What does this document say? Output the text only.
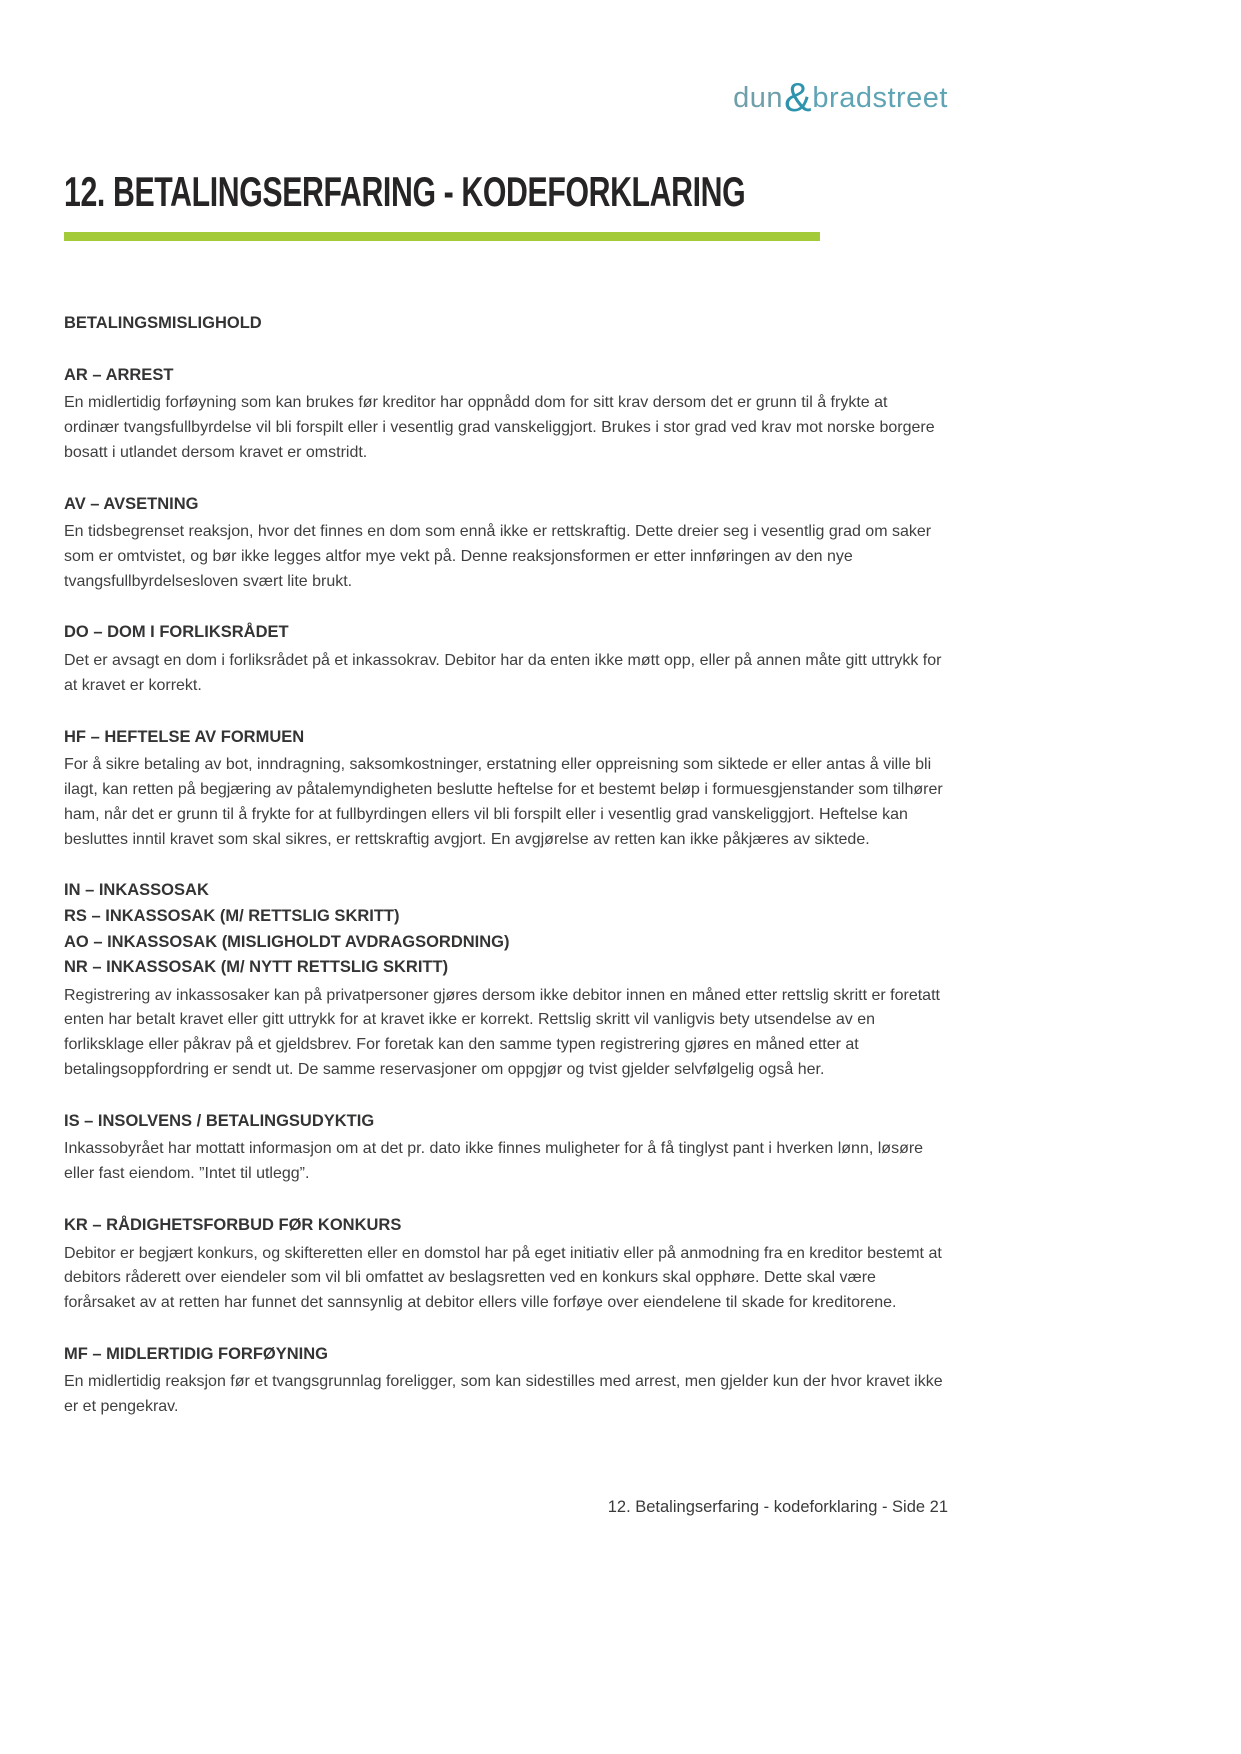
dun&bradstreet
12. BETALINGSERFARING - KODEFORKLARING
BETALINGSMISLIGHOLD
AR – ARREST

En midlertidig forføyning som kan brukes før kreditor har oppnådd dom for sitt krav dersom det er grunn til å frykte at ordinær tvangsfullbyrdelse vil bli forspilt eller i vesentlig grad vanskeliggjort. Brukes i stor grad ved krav mot norske borgere bosatt i utlandet dersom kravet er omstridt.

AV – AVSETNING

En tidsbegrenset reaksjon, hvor det finnes en dom som ennå ikke er rettskraftig. Dette dreier seg i vesentlig grad om saker som er omtvistet, og bør ikke legges altfor mye vekt på. Denne reaksjonsformen er etter innføringen av den nye tvangsfullbyrdelsesloven svært lite brukt.

DO – DOM I FORLIKSRÅDET

Det er avsagt en dom i forliksrådet på et inkassokrav. Debitor har da enten ikke møtt opp, eller på annen måte gitt uttrykk for at kravet er korrekt.

HF – HEFTELSE AV FORMUEN

For å sikre betaling av bot, inndragning, saksomkostninger, erstatning eller oppreisning som siktede er eller antas å ville bli ilagt, kan retten på begjæring av påtalemyndigheten beslutte heftelse for et bestemt beløp i formuesgjenstander som tilhører ham, når det er grunn til å frykte for at fullbyrdingen ellers vil bli forspilt eller i vesentlig grad vanskeliggjort. Heftelse kan besluttes inntil kravet som skal sikres, er rettskraftig avgjort. En avgjørelse av retten kan ikke påkjæres av siktede.

IN – INKASSOSAK
RS – INKASSOSAK (M/ RETTSLIG SKRITT)
AO – INKASSOSAK (MISLIGHOLDT AVDRAGSORDNING)
NR – INKASSOSAK (M/ NYTT RETTSLIG SKRITT)

Registrering av inkassosaker kan på privatpersoner gjøres dersom ikke debitor innen en måned etter rettslig skritt er foretatt enten har betalt kravet eller gitt uttrykk for at kravet ikke er korrekt. Rettslig skritt vil vanligvis bety utsendelse av en forliksklage eller påkrav på et gjeldsbrev. For foretak kan den samme typen registrering gjøres en måned etter at betalingsoppfordring er sendt ut. De samme reservasjoner om oppgjør og tvist gjelder selvfølgelig også her.

IS – INSOLVENS / BETALINGSUDYKTIG

Inkassobyrået har mottatt informasjon om at det pr. dato ikke finnes muligheter for å få tinglyst pant i hverken lønn, løsøre eller fast eiendom. ”Intet til utlegg”.

KR – RÅDIGHETSFORBUD FØR KONKURS

Debitor er begjært konkurs, og skifteretten eller en domstol har på eget initiativ eller på anmodning fra en kreditor bestemt at debitors råderett over eiendeler som vil bli omfattet av beslagsretten ved en konkurs skal opphøre. Dette skal være forårsaket av at retten har funnet det sannsynlig at debitor ellers ville forføye over eiendelene til skade for kreditorene.

MF – MIDLERTIDIG FORFØYNING

En midlertidig reaksjon før et tvangsgrunnlag foreligger, som kan sidestilles med arrest, men gjelder kun der hvor kravet ikke er et pengekrav.

12. Betalingserfaring - kodeforklaring - Side 21
